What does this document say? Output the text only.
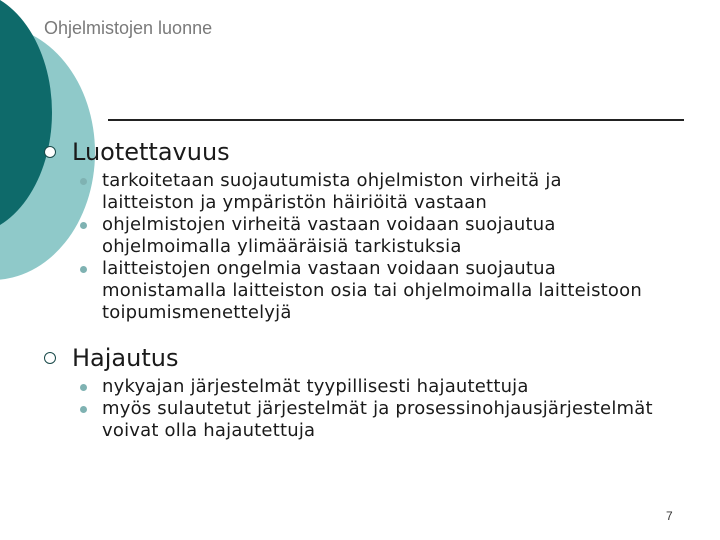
Ohjelmistojen luonne
Luotettavuus
tarkoitetaan suojautumista ohjelmiston virheitä ja laitteiston ja ympäristön häiriöitä vastaan
ohjelmistojen virheitä vastaan voidaan suojautua ohjelmoimalla ylimääräisiä tarkistuksia
laitteistojen ongelmia vastaan voidaan suojautua monistamalla laitteiston osia tai ohjelmoimalla laitteistoon toipumismenettelyjä
Hajautus
nykyajan järjestelmät tyypillisesti hajautettuja
myös sulautetut järjestelmät ja prosessinohjausjärjestelmät voivat olla hajautettuja
7
